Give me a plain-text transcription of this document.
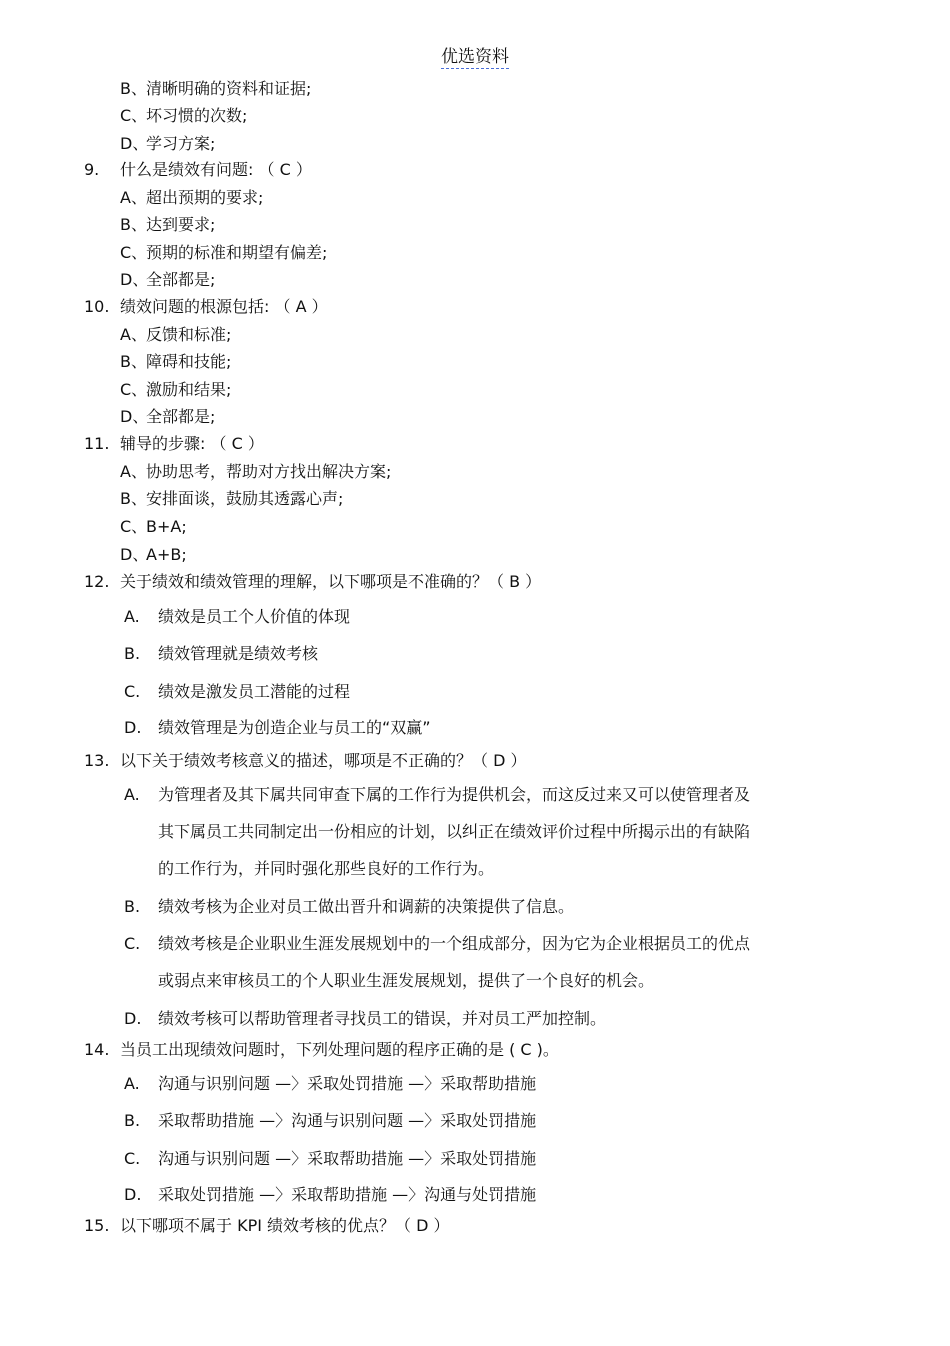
优选资料
B、 清晰明确的资料和证据;
C、
坏习惯的次数;
D、
学习方案;
9. 什么是绩效有问题: （ C ）
A、 超出预期的要求;
B、 达到要求;
C、
预期的标准和期望有偏差;
D、
全部都是;
10. 绩效问题的根源包括: （ A ）
A、 反馈和标准;
B、 障碍和技能;
C、
激励和结果;
D、
全部都是;
11. 辅导的步骤: （ C ）
A、 协助思考，帮助对方找出解决方案;
B、 安排面谈，鼓励其透露心声;
C、
B+A;
D、
A+B;
12. 关于绩效和绩效管理的理解，以下哪项是不准确的？（ B ）
A. 绩效是员工个人价值的体现
B. 绩效管理就是绩效考核
C. 绩效是激发员工潜能的过程
D. 绩效管理是为创造企业与员工的“双赢”
13. 以下关于绩效考核意义的描述，哪项是不正确的？（ D ）
A. 为管理者及其下属共同审查下属的工作行为提供机会，而这反过来又可以使管理者及
其下属员工共同制定出一份相应的计划，以纠正在绩效评价过程中所揭示出的有缺陷
的工作行为，并同时强化那些良好的工作行为。
B. 绩效考核为企业对员工做出晋升和调薪的决策提供了信息。
C. 绩效考核是企业职业生涯发展规划中的一个组成部分，因为它为企业根据员工的优点
或弱点来审核员工的个人职业生涯发展规划，提供了一个良好的机会。
D. 绩效考核可以帮助管理者寻找员工的错误，并对员工严加控制。
14. 当员工出现绩效问题时，下列处理问题的程序正确的是 ( C )。
A. 沟通与识别问题 —〉采取处罚措施 —〉采取帮助措施
B. 采取帮助措施 —〉沟通与识别问题 —〉采取处罚措施
C. 沟通与识别问题 —〉采取帮助措施 —〉采取处罚措施
D. 采取处罚措施 —〉采取帮助措施 —〉沟通与处罚措施
15. 以下哪项不属于 KPI 绩效考核的优点？（ D ）
